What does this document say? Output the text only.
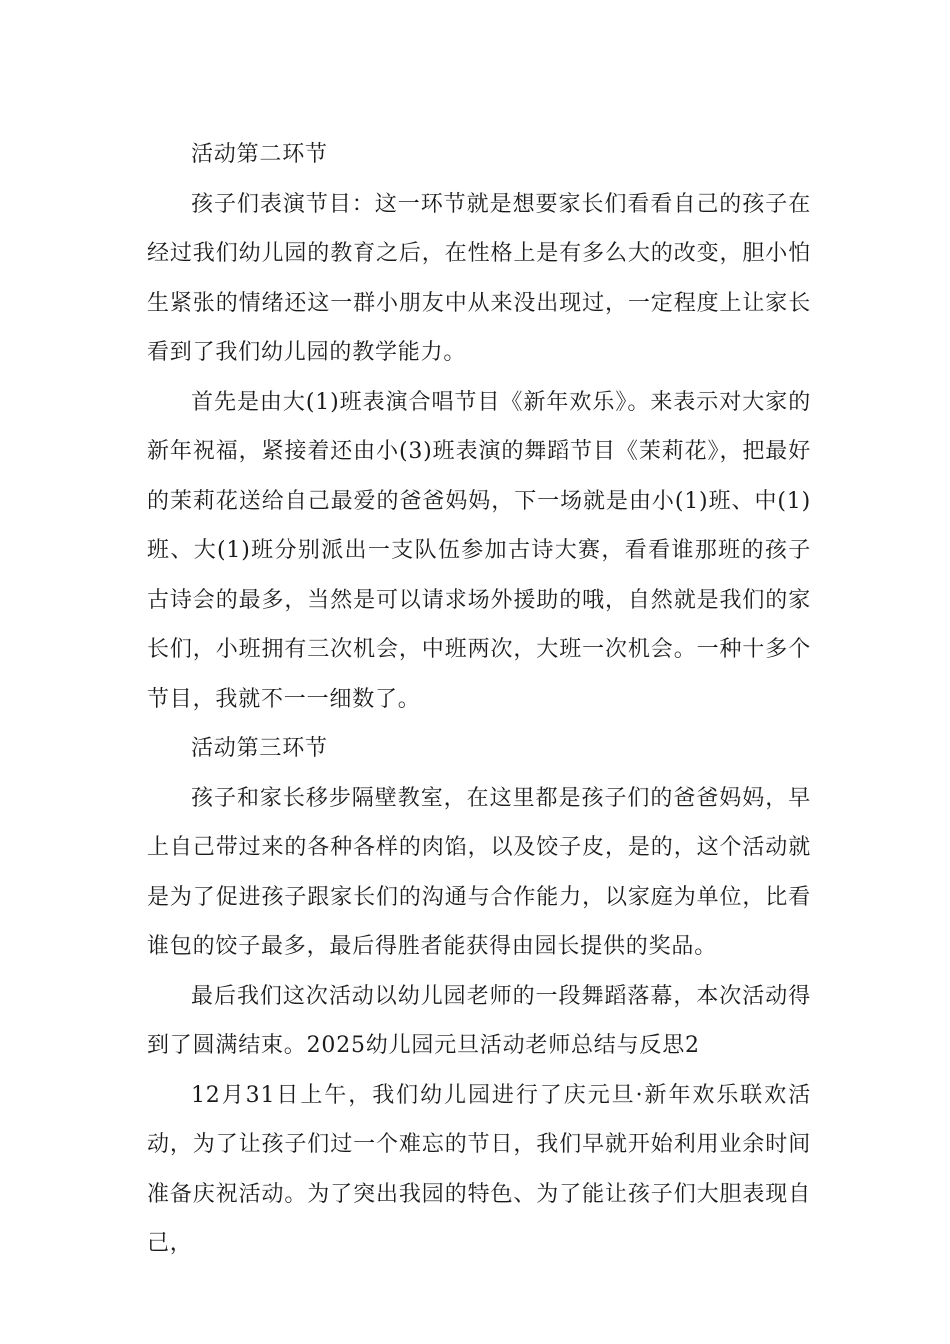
活动第二环节

孩子们表演节目：这一环节就是想要家长们看看自己的孩子在经过我们幼儿园的教育之后，在性格上是有多么大的改变，胆小怕生紧张的情绪还这一群小朋友中从来没出现过，一定程度上让家长看到了我们幼儿园的教学能力。

首先是由大(1)班表演合唱节目《新年欢乐》。来表示对大家的新年祝福，紧接着还由小(3)班表演的舞蹈节目《茉莉花》，把最好的茉莉花送给自己最爱的爸爸妈妈，下一场就是由小(1)班、中(1)班、大(1)班分别派出一支队伍参加古诗大赛，看看谁那班的孩子古诗会的最多，当然是可以请求场外援助的哦，自然就是我们的家长们，小班拥有三次机会，中班两次，大班一次机会。一种十多个节目，我就不一一细数了。

活动第三环节

孩子和家长移步隔壁教室，在这里都是孩子们的爸爸妈妈，早上自己带过来的各种各样的肉馅，以及饺子皮，是的，这个活动就是为了促进孩子跟家长们的沟通与合作能力，以家庭为单位，比看谁包的饺子最多，最后得胜者能获得由园长提供的奖品。

最后我们这次活动以幼儿园老师的一段舞蹈落幕，本次活动得到了圆满结束。2025幼儿园元旦活动老师总结与反思2

12月31日上午，我们幼儿园进行了庆元旦·新年欢乐联欢活动，为了让孩子们过一个难忘的节日，我们早就开始利用业余时间准备庆祝活动。为了突出我园的特色、为了能让孩子们大胆表现自己，
